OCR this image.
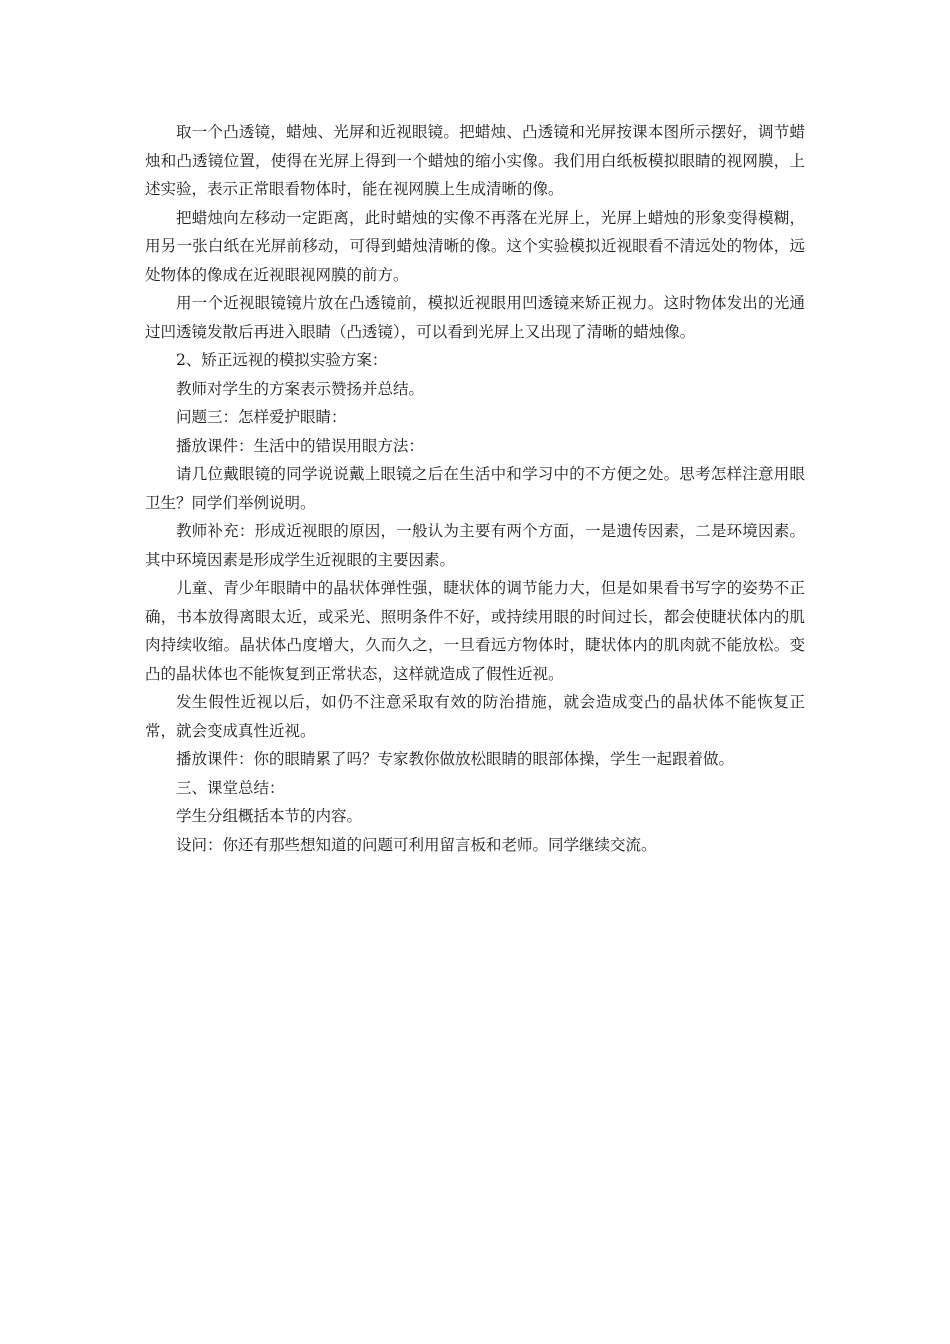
取一个凸透镜，蜡烛、光屏和近视眼镜。把蜡烛、凸透镜和光屏按课本图所示摆好，调节蜡烛和凸透镜位置，使得在光屏上得到一个蜡烛的缩小实像。我们用白纸板模拟眼睛的视网膜，上述实验，表示正常眼看物体时，能在视网膜上生成清晰的像。

把蜡烛向左移动一定距离，此时蜡烛的实像不再落在光屏上，光屏上蜡烛的形象变得模糊，用另一张白纸在光屏前移动，可得到蜡烛清晰的像。这个实验模拟近视眼看不清远处的物体，远处物体的像成在近视眼视网膜的前方。

用一个近视眼镜镜片放在凸透镜前，模拟近视眼用凹透镜来矫正视力。这时物体发出的光通过凹透镜发散后再进入眼睛（凸透镜），可以看到光屏上又出现了清晰的蜡烛像。

2、矫正远视的模拟实验方案：

教师对学生的方案表示赞扬并总结。

问题三：怎样爱护眼睛：

播放课件：生活中的错误用眼方法：

请几位戴眼镜的同学说说戴上眼镜之后在生活中和学习中的不方便之处。思考怎样注意用眼卫生？同学们举例说明。

教师补充：形成近视眼的原因，一般认为主要有两个方面，一是遗传因素，二是环境因素。其中环境因素是形成学生近视眼的主要因素。

儿童、青少年眼睛中的晶状体弹性强，睫状体的调节能力大，但是如果看书写字的姿势不正确，书本放得离眼太近，或采光、照明条件不好，或持续用眼的时间过长，都会使睫状体内的肌肉持续收缩。晶状体凸度增大，久而久之，一旦看远方物体时，睫状体内的肌肉就不能放松。变凸的晶状体也不能恢复到正常状态，这样就造成了假性近视。

发生假性近视以后，如仍不注意采取有效的防治措施，就会造成变凸的晶状体不能恢复正常，就会变成真性近视。

播放课件：你的眼睛累了吗？专家教你做放松眼睛的眼部体操，学生一起跟着做。

三、课堂总结：

学生分组概括本节的内容。

设问：你还有那些想知道的问题可利用留言板和老师。同学继续交流。
